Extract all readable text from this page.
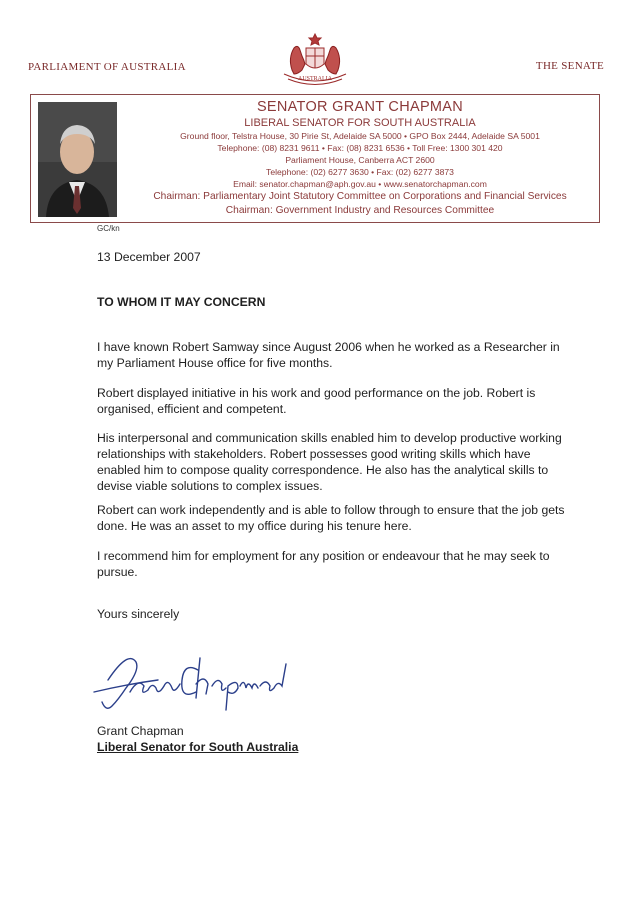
PARLIAMENT OF AUSTRALIA
AUSTRALIA
THE SENATE
SENATOR GRANT CHAPMAN
LIBERAL SENATOR FOR SOUTH AUSTRALIA
Ground floor, Telstra House, 30 Pirie St, Adelaide SA 5000 • GPO Box 2444, Adelaide SA 5001
Telephone: (08) 8231 9611 • Fax: (08) 8231 6536 • Toll Free: 1300 301 420
Parliament House, Canberra ACT 2600
Telephone: (02) 6277 3630 • Fax: (02) 6277 3873
Email: senator.chapman@aph.gov.au • www.senatorchapman.com
Chairman: Parliamentary Joint Statutory Committee on Corporations and Financial Services
Chairman: Government Industry and Resources Committee
GC/kn
13 December 2007
TO WHOM IT MAY CONCERN
I have known Robert Samway since August 2006 when he worked as a Researcher in my Parliament House office for five months.
Robert displayed initiative in his work and good performance on the job. Robert is organised, efficient and competent.
His interpersonal and communication skills enabled him to develop productive working relationships with stakeholders. Robert possesses good writing skills which have enabled him to compose quality correspondence. He also has the analytical skills to devise viable solutions to complex issues.
Robert can work independently and is able to follow through to ensure that the job gets done. He was an asset to my office during his tenure here.
I recommend him for employment for any position or endeavour that he may seek to pursue.
Yours sincerely
Grant Chapman
Liberal Senator for South Australia
